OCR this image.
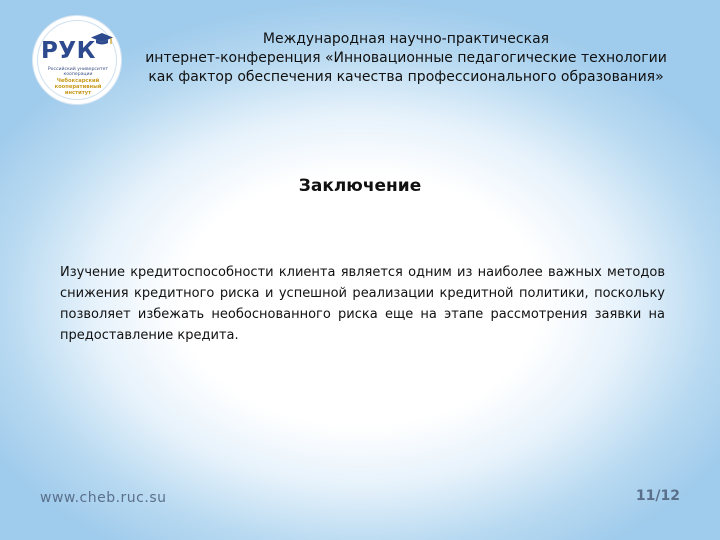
РУК
Российский университет
кооперации
Чебоксарский
кооперативный
институт
Международная научно-практическая
интернет-конференция «Инновационные педагогические технологии
как фактор обеспечения качества профессионального образования»
Заключение
Изучение кредитоспособности клиента является одним из наиболее важных методов снижения кредитного риска и успешной реализации кредитной политики, поскольку позволяет избежать необоснованного риска еще на этапе рассмотрения заявки на предоставление кредита.
www.cheb.ruc.su	11/12
